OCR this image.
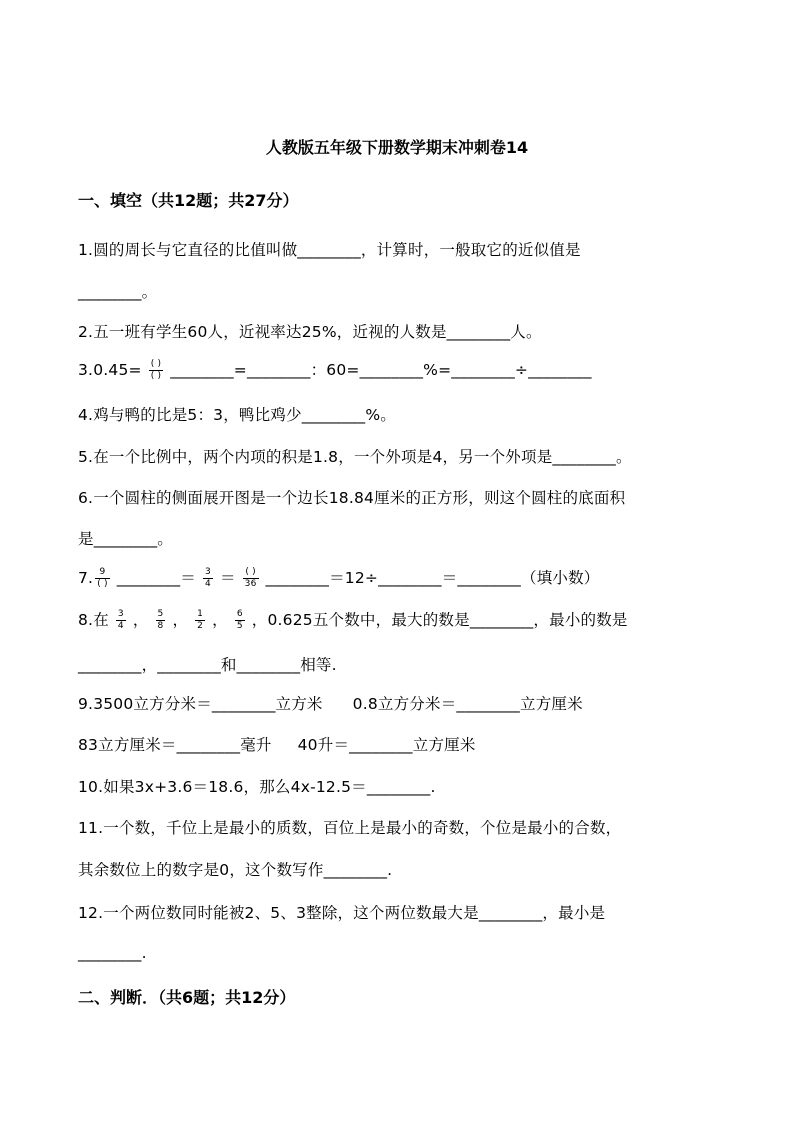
人教版五年级下册数学期末冲刺卷14
一、填空（共12题；共27分）
1.圆的周长与它直径的比值叫做________，计算时，一般取它的近似值是
________。
2.五一班有学生60人，近视率达25%，近视的人数是________人。
$3.0.45= \frac{( )}{( )}$ ________=________：60=________%=________÷________
4.鸡与鸭的比是5：3，鸭比鸡少________%。
5.在一个比例中，两个内项的积是1.8，一个外项是4，另一个外项是________。
6.一个圆柱的侧面展开图是一个边长18.84厘米的正方形，则这个圆柱的底面积
是________。
7. $\frac{9}{( )}$ ________＝ $\frac{3}{4} = \frac{( )}{36}$ ________＝12÷________＝________（填小数）
8.在 $\frac{3}{4}$ ， $\frac{5}{8}$ ， $\frac{1}{2}$ ， $\frac{6}{5}$ ，0.625五个数中，最大的数是________，最小的数是
________，________和________相等.
9.3500立方分米＝________立方米 0.8立方分米＝________立方厘米
83立方厘米＝________毫升 40升＝________立方厘米
10.如果3x+3.6＝18.6，那么4x-12.5＝________.
11.一个数，千位上是最小的质数，百位上是最小的奇数，个位是最小的合数，
其余数位上的数字是0，这个数写作________.
12.一个两位数同时能被2、5、3整除，这个两位数最大是________，最小是
________.
二、判断．（共6题；共12分）
